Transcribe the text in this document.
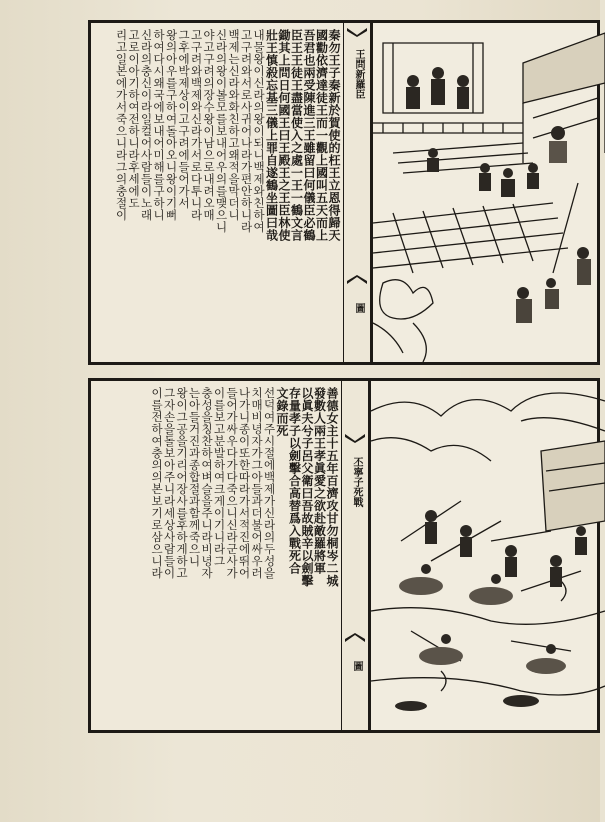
秦勿王子秦新於賀使的枉王立恩得歸天
國勸依濟達徒王而一觀上國叫五天而上
吾君也兩受陳進三王雖留曰何儀臣必鶴
臣王王徒王盡當使入之處一王一鶴文言
鋤其上問日何國王曰王殿王之王臣林使
壯王慎殺忘基三儀上罪自遂鶴坐圖曰哉
내물왕이신라의왕이되니백제와친하여
고구려와서로사귀어나라가편안하니라
백제는신라와화친하고왜적을막더니
신라의왕이볼모를보내어우의를맺으니
야고구려의장수왕이남으로내려오매
고구려와백제와신라가서로다투니라
그후에박제상이고구려에들어가서
왕의아우를구하여돌아오니왕이기뻐
하여다시왜국에보내어미해를구하니
신라의충신이라일컬어사람들이노래
고로이아기하여전하니라후세에도
리고일본에가서죽으니라그의충절이	王問新羅臣
圖
善德女主十五年百濟攻甘勿桐岑二城
發數人兩王孝眞愛之欲赴敵羅將軍
以眞夫兮子呂父衛曰吾故賊辛以劍擊
存量孝子以劍擊合高替爲入戰死合
文錄而死
선덕여주시절에백제가신라의두성을
치매비녕자가그아들과더불어싸우러
나가니종이또한따라가서적진에뛰어
들어가싸우다가다죽으니신라군사가
이를보고분발하여크게이기니라그
충성을칭찬하여벼슬을주니라비녕자
는아들거진과종합절과함께죽으니
왕이그공을기리어장사를후하게하고
그자손을돌보아주니라세상사람들이
이를전하여충의의본보기로삼으니라	丕寧子死戰
圖
